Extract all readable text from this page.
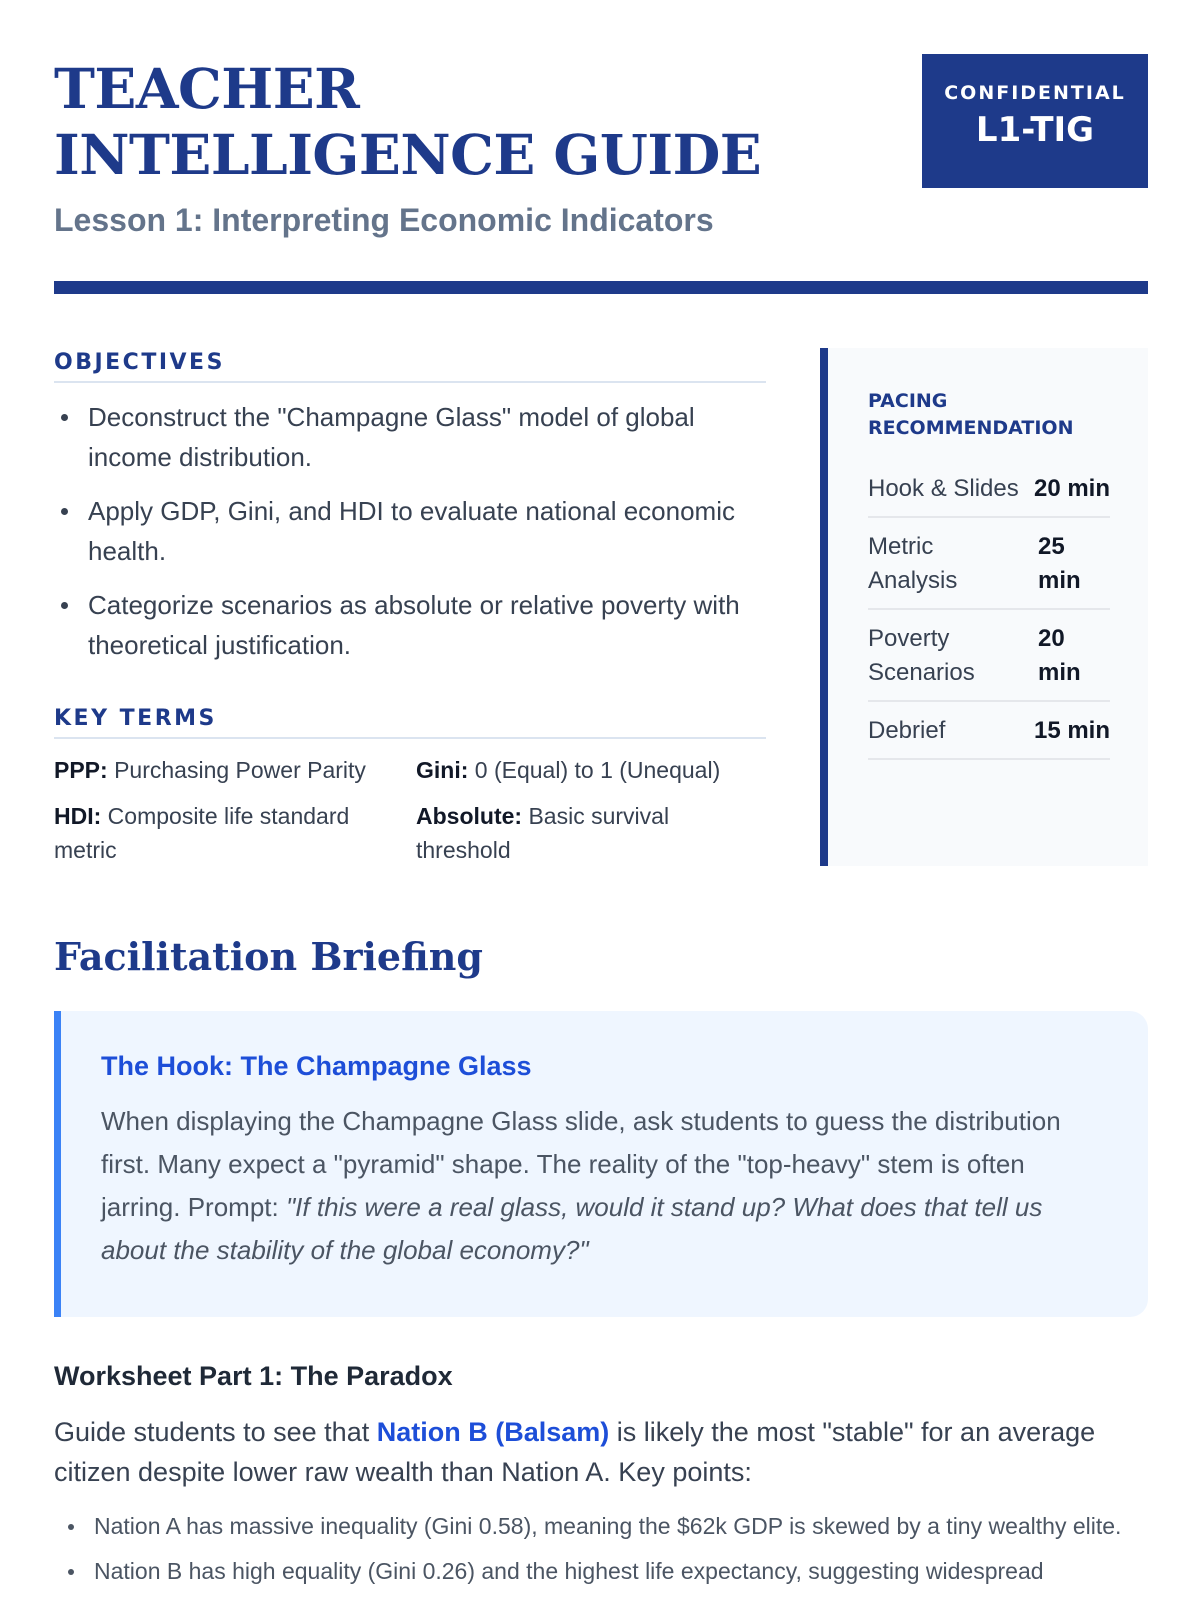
TEACHER INTELLIGENCE GUIDE
Lesson 1: Interpreting Economic Indicators
CONFIDENTIAL
L1-TIG
OBJECTIVES
Deconstruct the "Champagne Glass" model of global income distribution.
Apply GDP, Gini, and HDI to evaluate national economic health.
Categorize scenarios as absolute or relative poverty with theoretical justification.
KEY TERMS
PPP: Purchasing Power Parity	Gini: 0 (Equal) to 1 (Unequal)
HDI: Composite life standard metric
Absolute: Basic survival threshold
PACING RECOMMENDATION
Hook & Slides 20 min
Metric Analysis
25 min
Poverty Scenarios
20 min
Debrief	15 min
Facilitation Briefing
The Hook: The Champagne Glass

When displaying the Champagne Glass slide, ask students to guess the distribution first. Many expect a "pyramid" shape. The reality of the "top-heavy" stem is often jarring. Prompt: "If this were a real glass, would it stand up? What does that tell us about the stability of the global economy?"

Worksheet Part 1: The Paradox

Guide students to see that Nation B (Balsam) is likely the most "stable" for an average citizen despite lower raw wealth than Nation A. Key points:

Nation A has massive inequality (Gini 0.58), meaning the $62k GDP is skewed by a tiny wealthy elite.
Nation B has high equality (Gini 0.26) and the highest life expectancy, suggesting widespread
